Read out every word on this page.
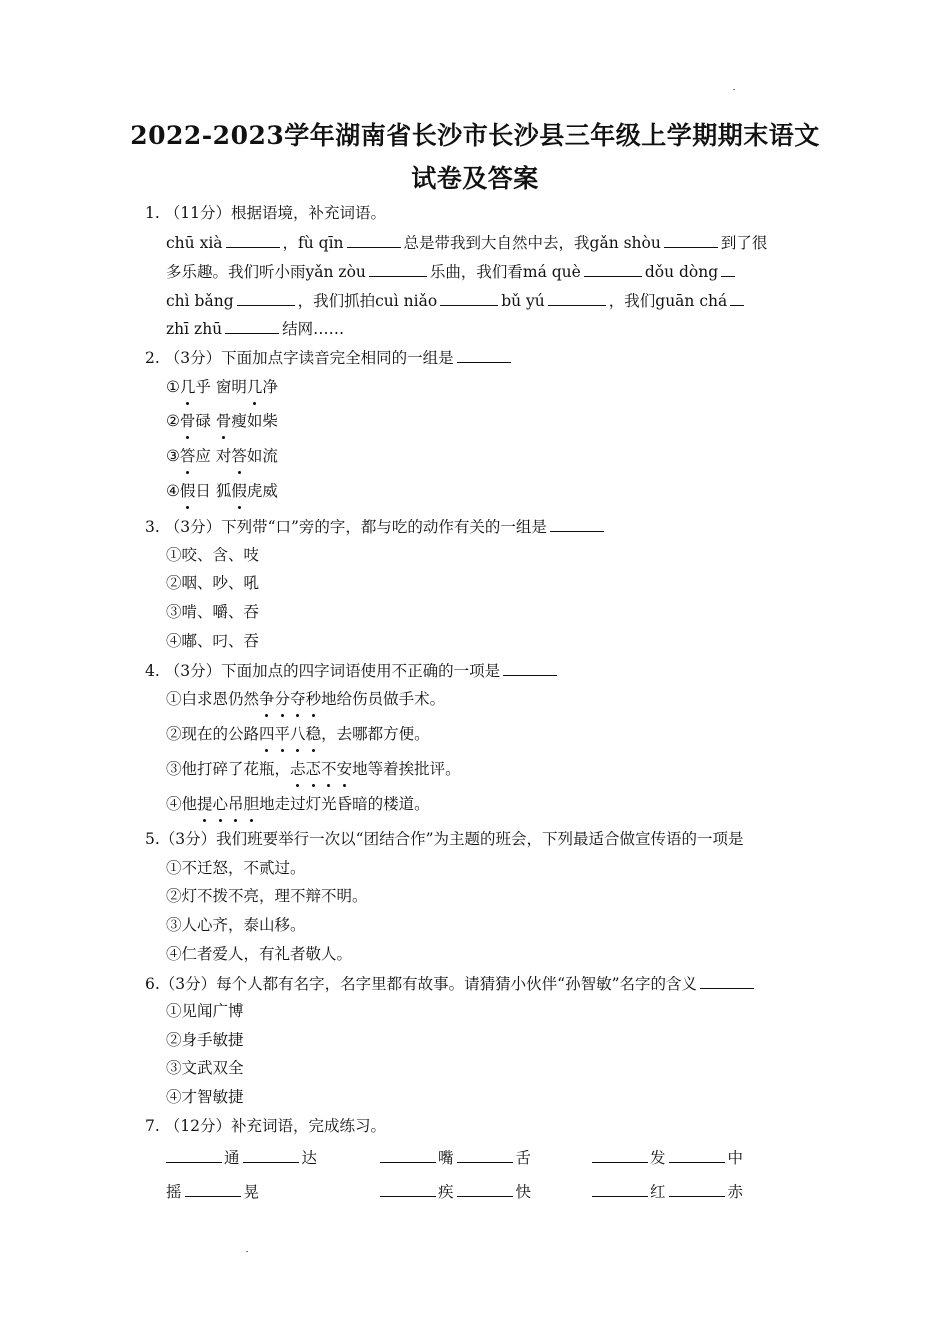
2022-2023学年湖南省长沙市长沙县三年级上学期期末语文
试卷及答案
1. （11分）根据语境，补充词语。
chū xià	，fù qīn	总是带我到大自然中去，我gǎn shòu	到了很
多乐趣。我们听小雨yǎn zòu	乐曲，我们看má què	dǒu dòng
chì bǎng	，我们抓拍cuì niǎo	bǔ yú	，我们guān chá
zhī zhū	结网……
2. （3分）下面加点字读音完全相同的一组是
①几乎 窗明几净
②骨碌 骨瘦如柴
③答应 对答如流
④假日 狐假虎威
3. （3分）下列带“口”旁的字，都与吃的动作有关的一组是
①咬、含、吱
②咽、吵、吼
③啃、嚼、吞
④嘟、叼、吞
4. （3分）下面加点的四字词语使用不正确的一项是
①白求恩仍然争分夺秒地给伤员做手术。
②现在的公路四平八稳，去哪都方便。
③他打碎了花瓶，忐忑不安地等着挨批评。
④他提心吊胆地走过灯光昏暗的楼道。
5.（3分）我们班要举行一次以“团结合作”为主题的班会，下列最适合做宣传语的一项是
①不迁怒，不贰过。
②灯不拨不亮，理不辩不明。
③人心齐，泰山移。
④仁者爱人，有礼者敬人。
6.（3分）每个人都有名字，名字里都有故事。请猜猜小伙伴“孙智敏”名字的含义
①见闻广博
②身手敏捷
③文武双全
④才智敏捷
7. （12分）补充词语，完成练习。
通	达	嘴	舌	发	中
摇	晃	疾	快	红	赤
